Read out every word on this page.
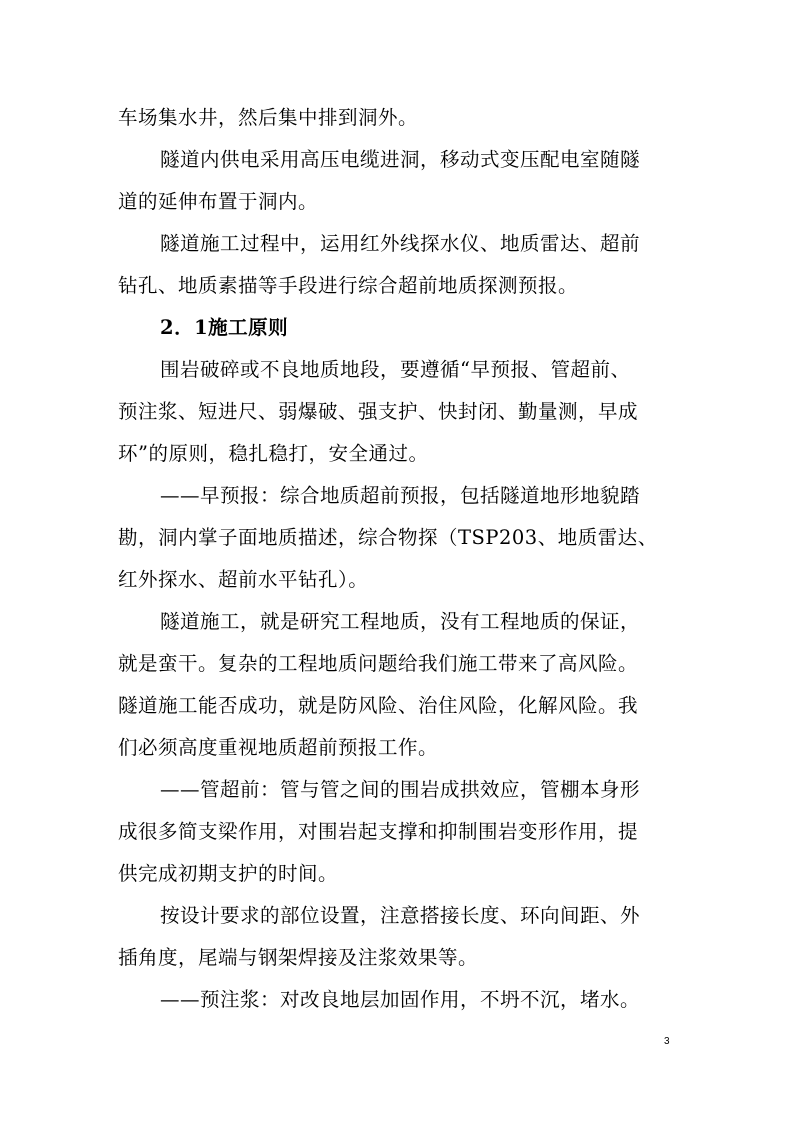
车场集水井，然后集中排到洞外。
隧道内供电采用高压电缆进洞，移动式变压配电室随隧
道的延伸布置于洞内。
隧道施工过程中，运用红外线探水仪、地质雷达、超前
钻孔、地质素描等手段进行综合超前地质探测预报。
2．1施工原则
围岩破碎或不良地质地段，要遵循“早预报、管超前、
预注浆、短进尺、弱爆破、强支护、快封闭、勤量测，早成
环”的原则，稳扎稳打，安全通过。
——早预报：综合地质超前预报，包括隧道地形地貌踏
勘，洞内掌子面地质描述，综合物探（TSP203、地质雷达、
红外探水、超前水平钻孔）。
隧道施工，就是研究工程地质，没有工程地质的保证，
就是蛮干。复杂的工程地质问题给我们施工带来了高风险。
隧道施工能否成功，就是防风险、治住风险，化解风险。我
们必须高度重视地质超前预报工作。
——管超前：管与管之间的围岩成拱效应，管棚本身形
成很多简支梁作用，对围岩起支撑和抑制围岩变形作用，提
供完成初期支护的时间。
按设计要求的部位设置，注意搭接长度、环向间距、外
插角度，尾端与钢架焊接及注浆效果等。
——预注浆：对改良地层加固作用，不坍不沉，堵水。
3
